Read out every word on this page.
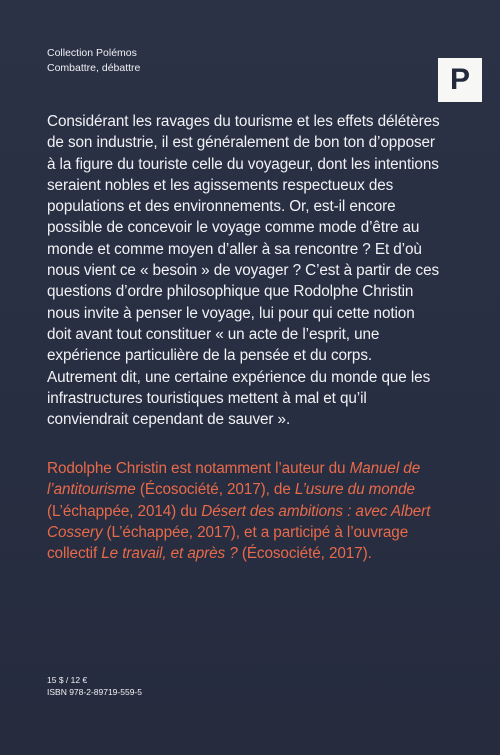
Collection Polémos
Combattre, débattre	P

Considérant les ravages du tourisme et les effets délétères de son industrie, il est généralement de bon ton d’opposer à la figure du touriste celle du voyageur, dont les intentions seraient nobles et les agissements respectueux des populations et des environnements. Or, est-il encore possible de concevoir le voyage comme mode d’être au monde et comme moyen d’aller à sa rencontre ? Et d’où nous vient ce « besoin » de voyager ? C’est à partir de ces questions d’ordre philosophique que Rodolphe Christin nous invite à penser le voyage, lui pour qui cette notion doit avant tout constituer « un acte de l’esprit, une expérience particulière de la pensée et du corps. Autrement dit, une certaine expérience du monde que les infrastructures touristiques mettent à mal et qu’il conviendrait cependant de sauver ».

Rodolphe Christin est notamment l’auteur du Manuel de l’antitourisme (Écosociété, 2017), de L’usure du monde (L’échappée, 2014) du Désert des ambitions : avec Albert Cossery (L’échappée, 2017), et a participé à l’ouvrage collectif Le travail, et après ? (Écosociété, 2017).

15 $ / 12 €
ISBN 978-2-89719-559-5
